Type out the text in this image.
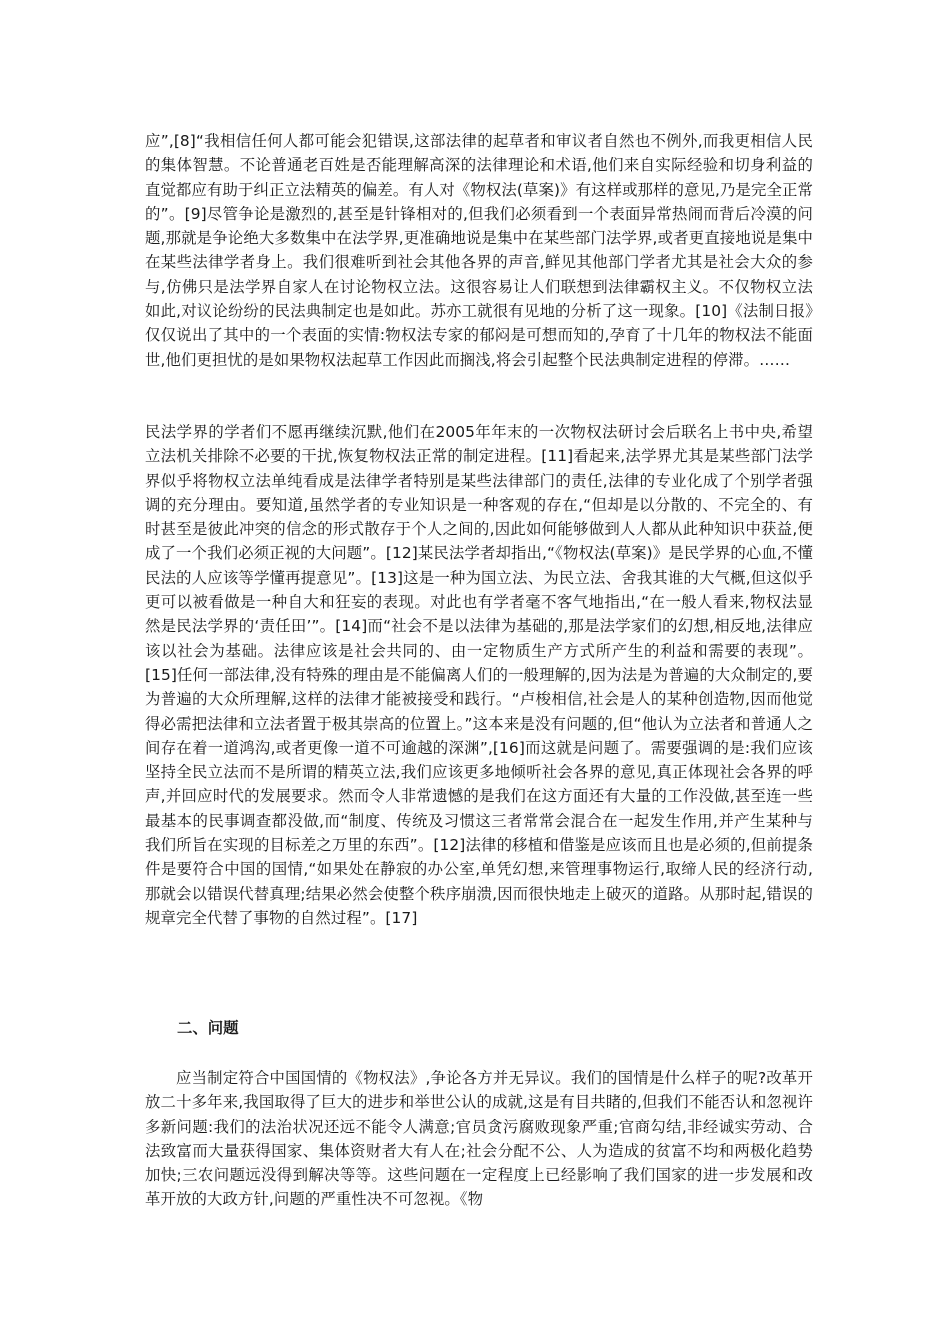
应”,[8]“我相信任何人都可能会犯错误,这部法律的起草者和审议者自然也不例外,而我更相信人民的集体智慧。不论普通老百姓是否能理解高深的法律理论和术语,他们来自实际经验和切身利益的直觉都应有助于纠正立法精英的偏差。有人对《物权法(草案)》有这样或那样的意见,乃是完全正常的”。[9]尽管争论是激烈的,甚至是针锋相对的,但我们必须看到一个表面异常热闹而背后冷漠的问题,那就是争论绝大多数集中在法学界,更准确地说是集中在某些部门法学界,或者更直接地说是集中在某些法律学者身上。我们很难听到社会其他各界的声音,鲜见其他部门学者尤其是社会大众的参与,仿佛只是法学界自家人在讨论物权立法。这很容易让人们联想到法律霸权主义。不仅物权立法如此,对议论纷纷的民法典制定也是如此。苏亦工就很有见地的分析了这一现象。[10]《法制日报》仅仅说出了其中的一个表面的实情:物权法专家的郁闷是可想而知的,孕育了十几年的物权法不能面世,他们更担忧的是如果物权法起草工作因此而搁浅,将会引起整个民法典制定进程的停滞。……

民法学界的学者们不愿再继续沉默,他们在2005年年末的一次物权法研讨会后联名上书中央,希望立法机关排除不必要的干扰,恢复物权法正常的制定进程。[11]看起来,法学界尤其是某些部门法学界似乎将物权立法单纯看成是法律学者特别是某些法律部门的责任,法律的专业化成了个别学者强调的充分理由。要知道,虽然学者的专业知识是一种客观的存在,“但却是以分散的、不完全的、有时甚至是彼此冲突的信念的形式散存于个人之间的,因此如何能够做到人人都从此种知识中获益,便成了一个我们必须正视的大问题”。[12]某民法学者却指出,“《物权法(草案)》是民学界的心血,不懂民法的人应该等学懂再提意见”。[13]这是一种为国立法、为民立法、舍我其谁的大气概,但这似乎更可以被看做是一种自大和狂妄的表现。对此也有学者毫不客气地指出,“在一般人看来,物权法显然是民法学界的‘责任田’”。[14]而“社会不是以法律为基础的,那是法学家们的幻想,相反地,法律应该以社会为基础。法律应该是社会共同的、由一定物质生产方式所产生的利益和需要的表现”。[15]任何一部法律,没有特殊的理由是不能偏离人们的一般理解的,因为法是为普遍的大众制定的,要为普遍的大众所理解,这样的法律才能被接受和践行。“卢梭相信,社会是人的某种创造物,因而他觉得必需把法律和立法者置于极其崇高的位置上。”这本来是没有问题的,但“他认为立法者和普通人之间存在着一道鸿沟,或者更像一道不可逾越的深渊”,[16]而这就是问题了。需要强调的是:我们应该坚持全民立法而不是所谓的精英立法,我们应该更多地倾听社会各界的意见,真正体现社会各界的呼声,并回应时代的发展要求。然而令人非常遗憾的是我们在这方面还有大量的工作没做,甚至连一些最基本的民事调查都没做,而“制度、传统及习惯这三者常常会混合在一起发生作用,并产生某种与我们所旨在实现的目标差之万里的东西”。[12]法律的移植和借鉴是应该而且也是必须的,但前提条件是要符合中国的国情,“如果处在静寂的办公室,单凭幻想,来管理事物运行,取缔人民的经济行动,那就会以错误代替真理;结果必然会使整个秩序崩溃,因而很快地走上破灭的道路。从那时起,错误的规章完全代替了事物的自然过程”。[17]

二、问题

应当制定符合中国国情的《物权法》,争论各方并无异议。我们的国情是什么样子的呢?改革开放二十多年来,我国取得了巨大的进步和举世公认的成就,这是有目共睹的,但我们不能否认和忽视许多新问题:我们的法治状况还远不能令人满意;官员贪污腐败现象严重;官商勾结,非经诚实劳动、合法致富而大量获得国家、集体资财者大有人在;社会分配不公、人为造成的贫富不均和两极化趋势加快;三农问题远没得到解决等等。这些问题在一定程度上已经影响了我们国家的进一步发展和改革开放的大政方针,问题的严重性决不可忽视。《物
